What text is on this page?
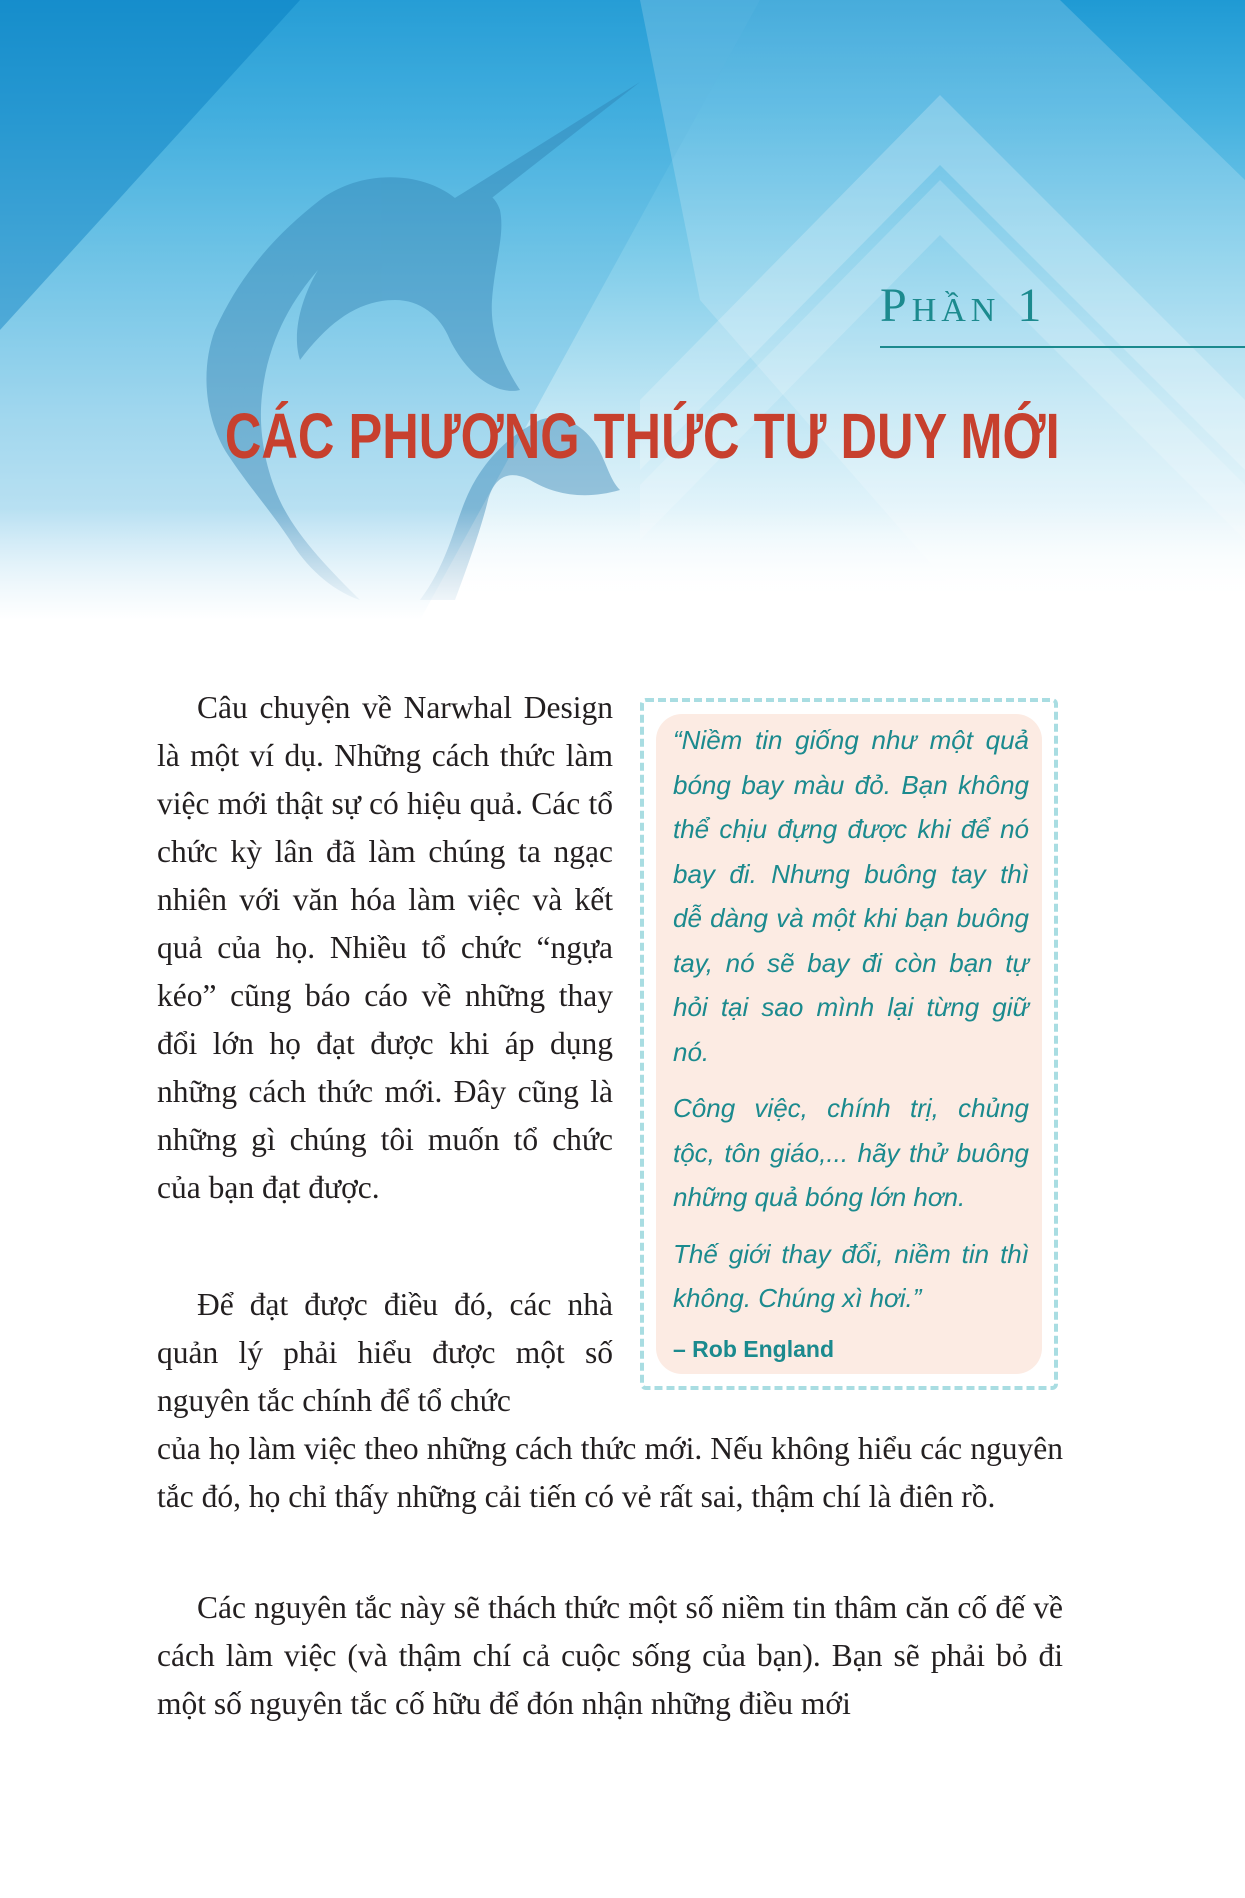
Phần 1
CÁC PHƯƠNG THỨC TƯ DUY MỚI

Câu chuyện về Narwhal Design là một ví dụ. Những cách thức làm việc mới thật sự có hiệu quả. Các tổ chức kỳ lân đã làm chúng ta ngạc nhiên với văn hóa làm việc và kết quả của họ. Nhiều tổ chức “ngựa kéo” cũng báo cáo về những thay đổi lớn họ đạt được khi áp dụng những cách thức mới. Đây cũng là những gì chúng tôi muốn tổ chức của bạn đạt được.

Để đạt được điều đó, các nhà quản lý phải hiểu được một số nguyên tắc chính để tổ chức

của họ làm việc theo những cách thức mới. Nếu không hiểu các nguyên tắc đó, họ chỉ thấy những cải tiến có vẻ rất sai, thậm chí là điên rồ.

Các nguyên tắc này sẽ thách thức một số niềm tin thâm căn cố đế về cách làm việc (và thậm chí cả cuộc sống của bạn). Bạn sẽ phải bỏ đi một số nguyên tắc cố hữu để đón nhận những điều mới

“Niềm tin giống như một quả bóng bay màu đỏ. Bạn không thể chịu đựng được khi để nó bay đi. Nhưng buông tay thì dễ dàng và một khi bạn buông tay, nó sẽ bay đi còn bạn tự hỏi tại sao mình lại từng giữ nó.

Công việc, chính trị, chủng tộc, tôn giáo,... hãy thử buông những quả bóng lớn hơn.

Thế giới thay đổi, niềm tin thì không. Chúng xì hơi.”

– Rob England
